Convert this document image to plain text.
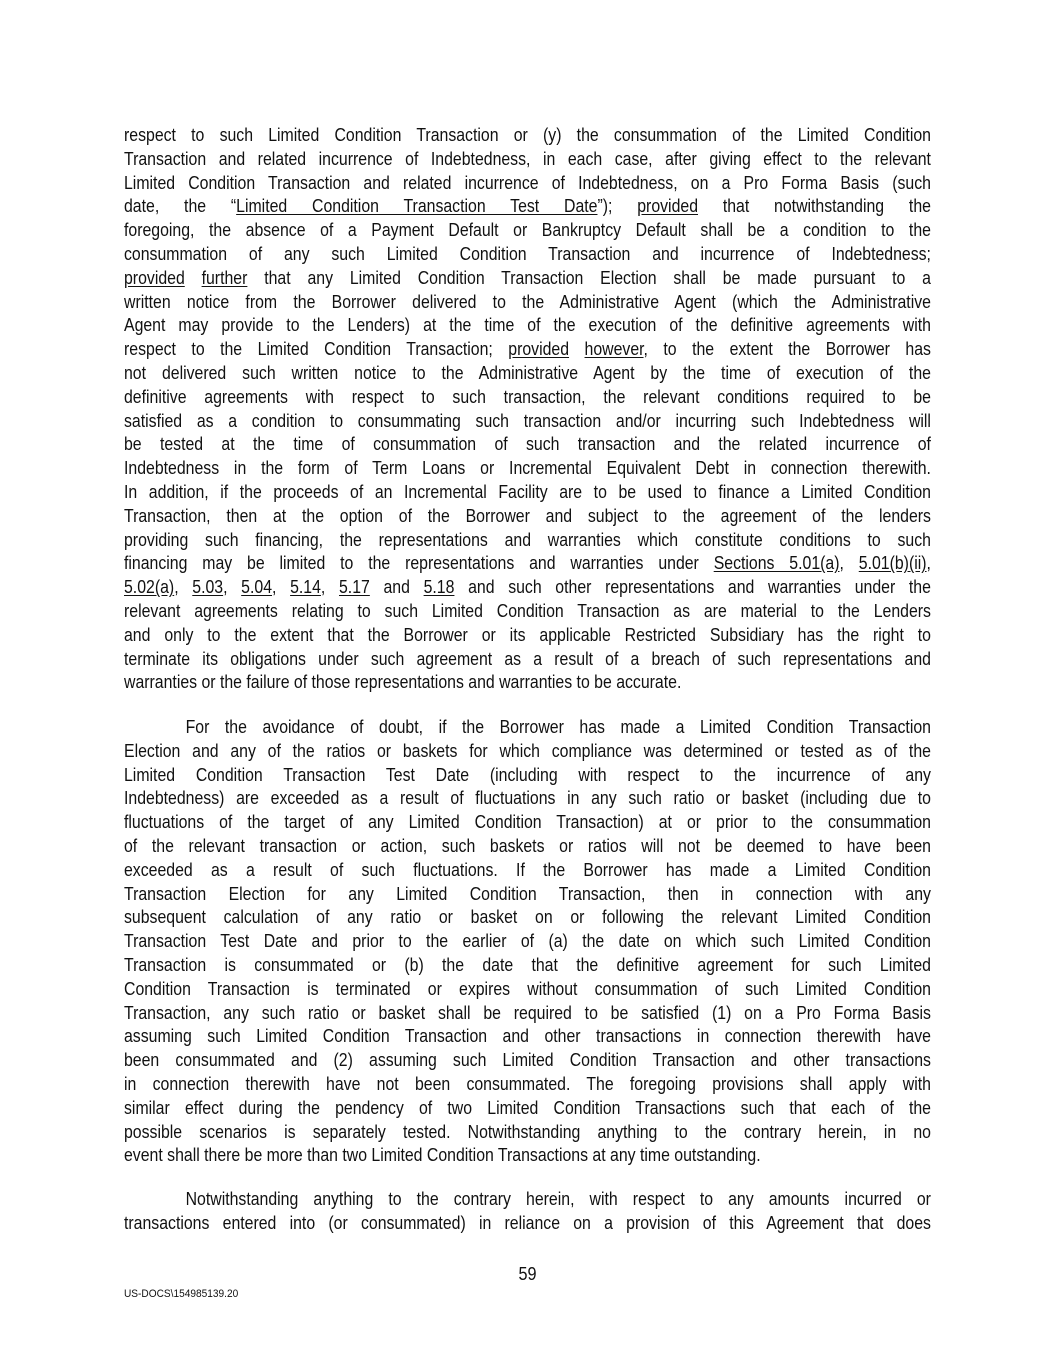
respect to such Limited Condition Transaction or (y) the consummation of the Limited Condition
Transaction and related incurrence of Indebtedness, in each case, after giving effect to the relevant
Limited Condition Transaction and related incurrence of Indebtedness, on a Pro Forma Basis (such
date, the “Limited Condition Transaction Test Date”); provided that notwithstanding the
foregoing, the absence of a Payment Default or Bankruptcy Default shall be a condition to the
consummation of any such Limited Condition Transaction and incurrence of Indebtedness;
provided further that any Limited Condition Transaction Election shall be made pursuant to a
written notice from the Borrower delivered to the Administrative Agent (which the Administrative
Agent may provide to the Lenders) at the time of the execution of the definitive agreements with
respect to the Limited Condition Transaction; provided however, to the extent the Borrower has
not delivered such written notice to the Administrative Agent by the time of execution of the
definitive agreements with respect to such transaction, the relevant conditions required to be
satisfied as a condition to consummating such transaction and/or incurring such Indebtedness will
be tested at the time of consummation of such transaction and the related incurrence of
Indebtedness in the form of Term Loans or Incremental Equivalent Debt in connection therewith.
In addition, if the proceeds of an Incremental Facility are to be used to finance a Limited Condition
Transaction, then at the option of the Borrower and subject to the agreement of the lenders
providing such financing, the representations and warranties which constitute conditions to such
financing may be limited to the representations and warranties under Sections 5.01(a), 5.01(b)(ii),
5.02(a), 5.03, 5.04, 5.14, 5.17 and 5.18 and such other representations and warranties under the
relevant agreements relating to such Limited Condition Transaction as are material to the Lenders
and only to the extent that the Borrower or its applicable Restricted Subsidiary has the right to
terminate its obligations under such agreement as a result of a breach of such representations and
warranties or the failure of those representations and warranties to be accurate.
For the avoidance of doubt, if the Borrower has made a Limited Condition Transaction
Election and any of the ratios or baskets for which compliance was determined or tested as of the
Limited Condition Transaction Test Date (including with respect to the incurrence of any
Indebtedness) are exceeded as a result of fluctuations in any such ratio or basket (including due to
fluctuations of the target of any Limited Condition Transaction) at or prior to the consummation
of the relevant transaction or action, such baskets or ratios will not be deemed to have been
exceeded as a result of such fluctuations. If the Borrower has made a Limited Condition
Transaction Election for any Limited Condition Transaction, then in connection with any
subsequent calculation of any ratio or basket on or following the relevant Limited Condition
Transaction Test Date and prior to the earlier of (a) the date on which such Limited Condition
Transaction is consummated or (b) the date that the definitive agreement for such Limited
Condition Transaction is terminated or expires without consummation of such Limited Condition
Transaction, any such ratio or basket shall be required to be satisfied (1) on a Pro Forma Basis
assuming such Limited Condition Transaction and other transactions in connection therewith have
been consummated and (2) assuming such Limited Condition Transaction and other transactions
in connection therewith have not been consummated. The foregoing provisions shall apply with
similar effect during the pendency of two Limited Condition Transactions such that each of the
possible scenarios is separately tested. Notwithstanding anything to the contrary herein, in no
event shall there be more than two Limited Condition Transactions at any time outstanding.
Notwithstanding anything to the contrary herein, with respect to any amounts incurred or
transactions entered into (or consummated) in reliance on a provision of this Agreement that does
59
US-DOCS\154985139.20
